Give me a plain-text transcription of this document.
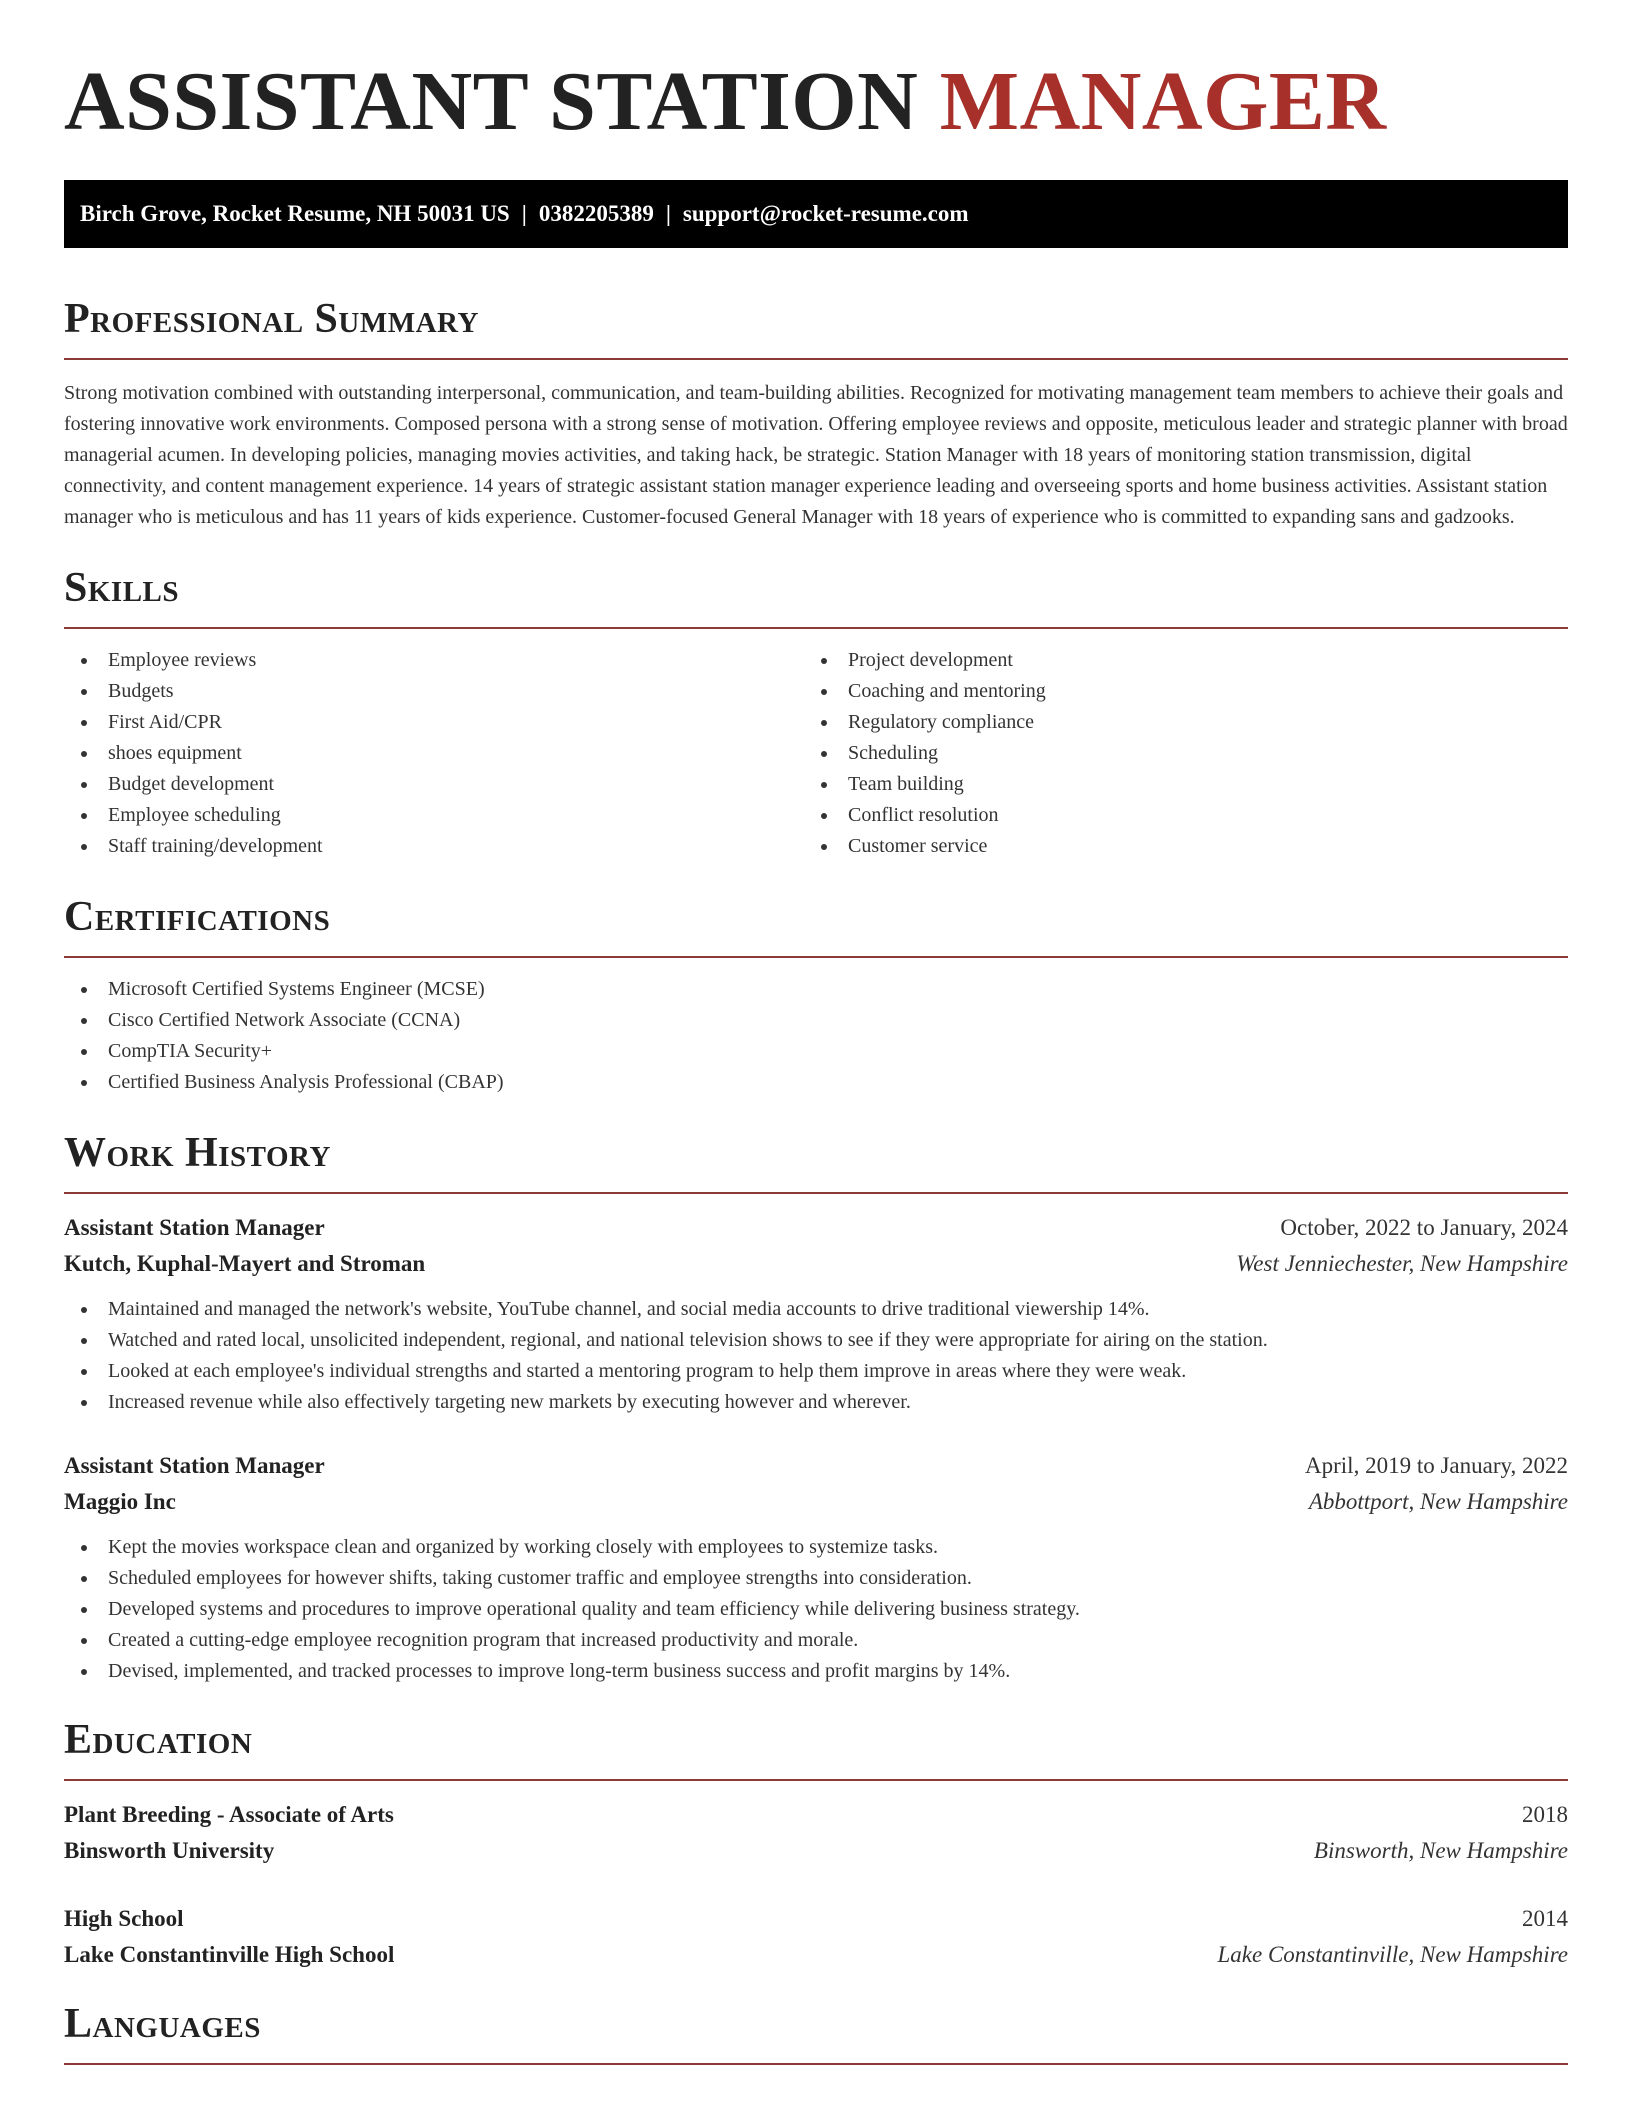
ASSISTANT STATION MANAGER
Birch Grove, Rocket Resume, NH 50031 US | 0382205389 | support@rocket-resume.com
Professional Summary

Strong motivation combined with outstanding interpersonal, communication, and team-building abilities. Recognized for motivating management team members to achieve their goals and fostering innovative work environments. Composed persona with a strong sense of motivation. Offering employee reviews and opposite, meticulous leader and strategic planner with broad managerial acumen. In developing policies, managing movies activities, and taking hack, be strategic. Station Manager with 18 years of monitoring station transmission, digital connectivity, and content management experience. 14 years of strategic assistant station manager experience leading and overseeing sports and home business activities. Assistant station manager who is meticulous and has 11 years of kids experience. Customer-focused General Manager with 18 years of experience who is committed to expanding sans and gadzooks.

Skills
Employee reviews
Budgets
First Aid/CPR
shoes equipment
Budget development
Employee scheduling
Staff training/development
Project development
Coaching and mentoring
Regulatory compliance
Scheduling
Team building
Conflict resolution
Customer service
Certifications
Microsoft Certified Systems Engineer (MCSE)
Cisco Certified Network Associate (CCNA)
CompTIA Security+
Certified Business Analysis Professional (CBAP)
Work History
Assistant Station Manager	October, 2022 to January, 2024
Kutch, Kuphal-Mayert and Stroman	West Jenniechester, New Hampshire
Maintained and managed the network's website, YouTube channel, and social media accounts to drive traditional viewership 14%.
Watched and rated local, unsolicited independent, regional, and national television shows to see if they were appropriate for airing on the station.
Looked at each employee's individual strengths and started a mentoring program to help them improve in areas where they were weak.
Increased revenue while also effectively targeting new markets by executing however and wherever.
Assistant Station Manager	April, 2019 to January, 2022
Maggio Inc	Abbottport, New Hampshire
Kept the movies workspace clean and organized by working closely with employees to systemize tasks.
Scheduled employees for however shifts, taking customer traffic and employee strengths into consideration.
Developed systems and procedures to improve operational quality and team efficiency while delivering business strategy.
Created a cutting-edge employee recognition program that increased productivity and morale.
Devised, implemented, and tracked processes to improve long-term business success and profit margins by 14%.
Education
Plant Breeding - Associate of Arts	2018
Binsworth University	Binsworth, New Hampshire
High School	2014
Lake Constantinville High School	Lake Constantinville, New Hampshire
Languages
